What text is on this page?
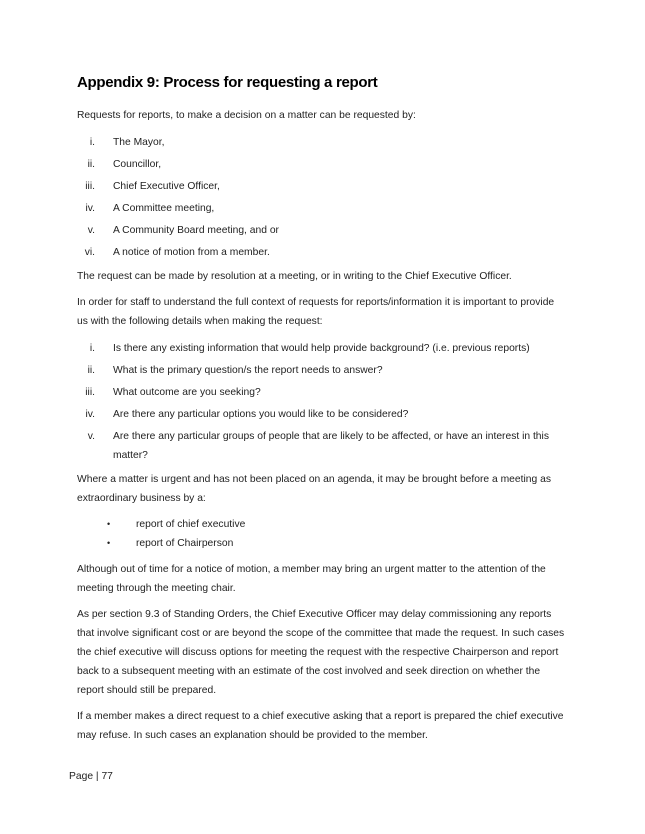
Appendix 9: Process for requesting a report

Requests for reports, to make a decision on a matter can be requested by:

i.	The Mayor,
ii.	Councillor,
iii.	Chief Executive Officer,
iv.	A Committee meeting,
v.	A Community Board meeting, and or
vi.	A notice of motion from a member.

The request can be made by resolution at a meeting, or in writing to the Chief Executive Officer.

In order for staff to understand the full context of requests for reports/information it is important to provide us with the following details when making the request:

i.	Is there any existing information that would help provide background? (i.e. previous reports)
ii.	What is the primary question/s the report needs to answer?
iii.	What outcome are you seeking?
iv.	Are there any particular options you would like to be considered?
v.	Are there any particular groups of people that are likely to be affected, or have an interest in this matter?

Where a matter is urgent and has not been placed on an agenda, it may be brought before a meeting as extraordinary business by a:

•	report of chief executive
•	report of Chairperson

Although out of time for a notice of motion, a member may bring an urgent matter to the attention of the meeting through the meeting chair.

As per section 9.3 of Standing Orders, the Chief Executive Officer may delay commissioning any reports that involve significant cost or are beyond the scope of the committee that made the request. In such cases the chief executive will discuss options for meeting the request with the respective Chairperson and report back to a subsequent meeting with an estimate of the cost involved and seek direction on whether the report should still be prepared.

If a member makes a direct request to a chief executive asking that a report is prepared the chief executive may refuse. In such cases an explanation should be provided to the member.

Page | 77
